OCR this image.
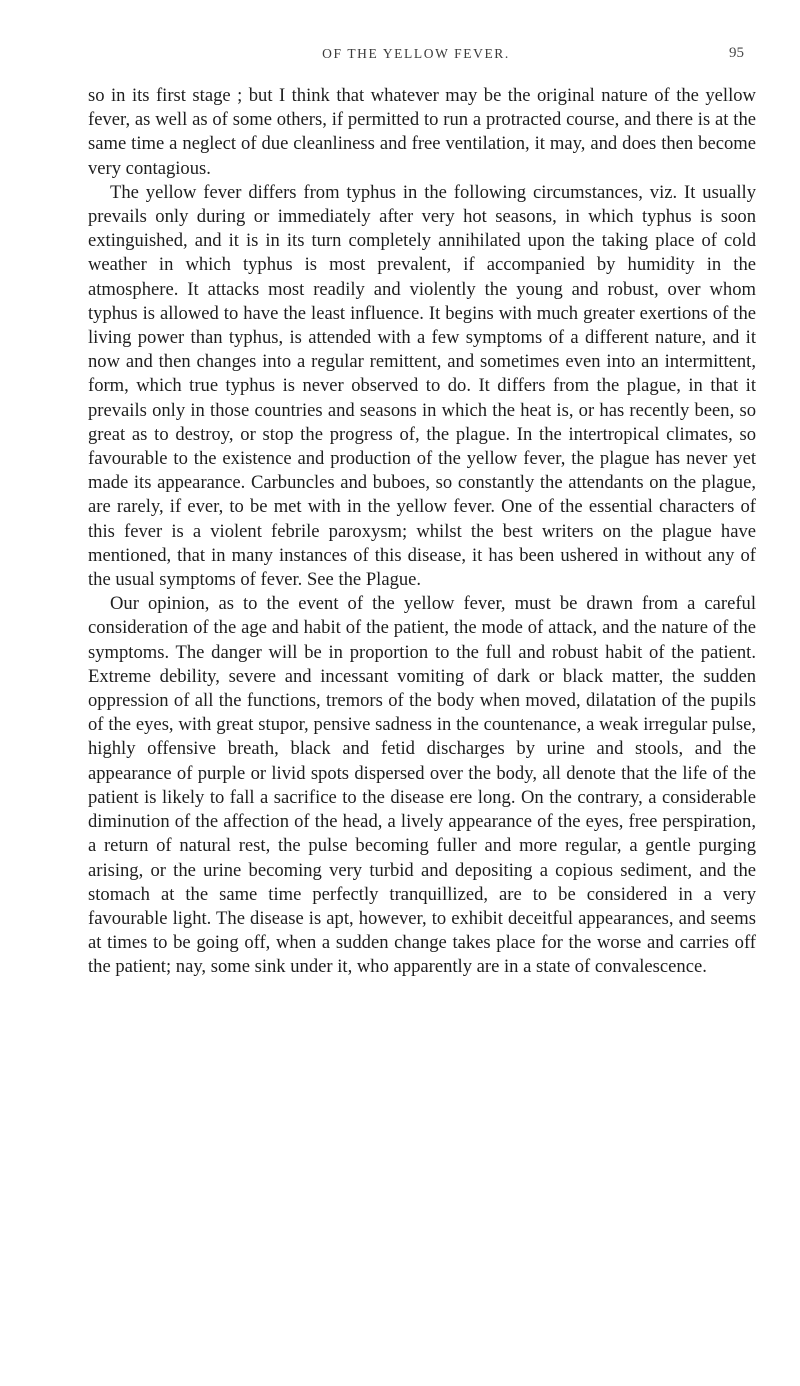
OF THE YELLOW FEVER.	95

so in its first stage ; but I think that whatever may be the original nature of the yellow fever, as well as of some others, if permitted to run a protracted course, and there is at the same time a neglect of due cleanliness and free ventilation, it may, and does then become very contagious.

The yellow fever differs from typhus in the following circumstances, viz. It usually prevails only during or immediately after very hot seasons, in which typhus is soon extinguished, and it is in its turn completely annihilated upon the taking place of cold weather in which typhus is most prevalent, if accompanied by humidity in the atmosphere. It attacks most readily and violently the young and robust, over whom typhus is allowed to have the least influence. It begins with much greater exertions of the living power than typhus, is attended with a few symptoms of a different nature, and it now and then changes into a regular remittent, and sometimes even into an intermittent, form, which true typhus is never observed to do. It differs from the plague, in that it prevails only in those countries and seasons in which the heat is, or has recently been, so great as to destroy, or stop the progress of, the plague. In the intertropical climates, so favourable to the existence and production of the yellow fever, the plague has never yet made its appearance. Carbuncles and buboes, so constantly the attendants on the plague, are rarely, if ever, to be met with in the yellow fever. One of the essential characters of this fever is a violent febrile paroxysm; whilst the best writers on the plague have mentioned, that in many instances of this disease, it has been ushered in without any of the usual symptoms of fever. See the Plague.

Our opinion, as to the event of the yellow fever, must be drawn from a careful consideration of the age and habit of the patient, the mode of attack, and the nature of the symptoms. The danger will be in proportion to the full and robust habit of the patient. Extreme debility, severe and incessant vomiting of dark or black matter, the sudden oppression of all the functions, tremors of the body when moved, dilatation of the pupils of the eyes, with great stupor, pensive sadness in the countenance, a weak irregular pulse, highly offensive breath, black and fetid discharges by urine and stools, and the appearance of purple or livid spots dispersed over the body, all denote that the life of the patient is likely to fall a sacrifice to the disease ere long. On the contrary, a considerable diminution of the affection of the head, a lively appearance of the eyes, free perspiration, a return of natural rest, the pulse becoming fuller and more regular, a gentle purging arising, or the urine becoming very turbid and depositing a copious sediment, and the stomach at the same time perfectly tranquillized, are to be considered in a very favourable light. The disease is apt, however, to exhibit deceitful appearances, and seems at times to be going off, when a sudden change takes place for the worse and carries off the patient; nay, some sink under it, who apparently are in a state of convalescence.
